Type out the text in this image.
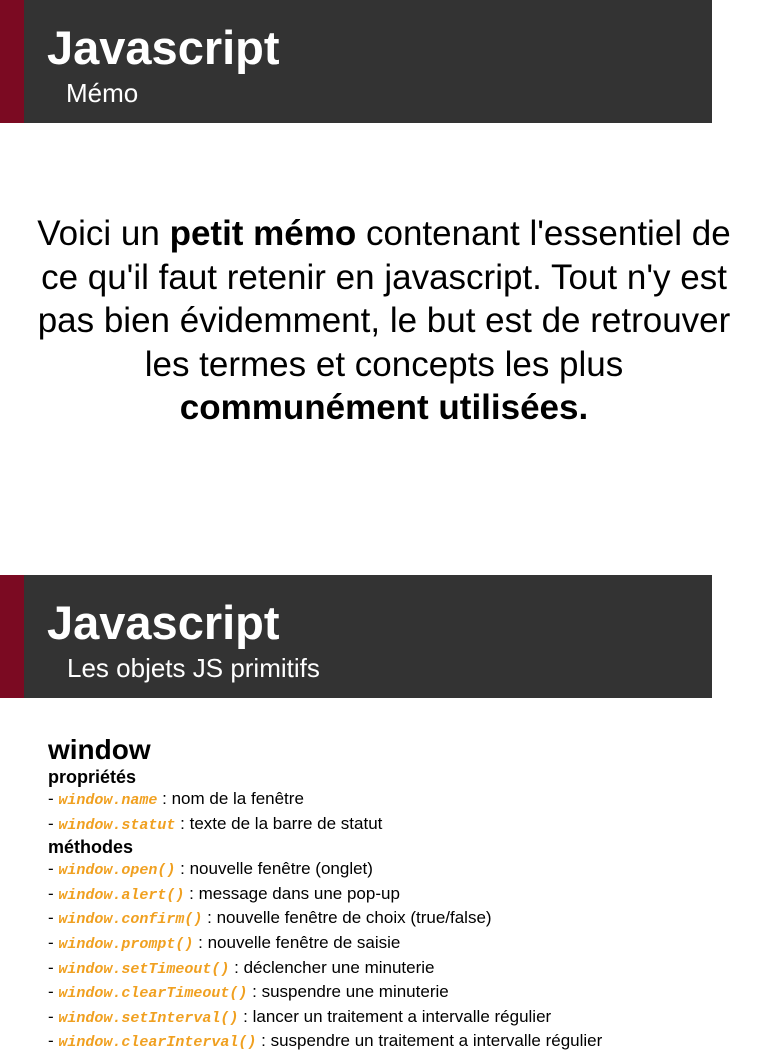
Javascript
Mémo
Voici un petit mémo contenant l'essentiel de ce qu'il faut retenir en javascript. Tout n'y est pas bien évidemment, le but est de retrouver les termes et concepts les plus communément utilisées.
Javascript
Les objets JS primitifs
window
propriétés
- window.name : nom de la fenêtre
- window.statut : texte de la barre de statut
méthodes
- window.open() : nouvelle fenêtre (onglet)
- window.alert() : message dans une pop-up
- window.confirm() : nouvelle fenêtre de choix (true/false)
- window.prompt() : nouvelle fenêtre de saisie
- window.setTimeout() : déclencher une minuterie
- window.clearTimeout() : suspendre une minuterie
- window.setInterval() : lancer un traitement a intervalle régulier
- window.clearInterval() : suspendre un traitement a intervalle régulier
